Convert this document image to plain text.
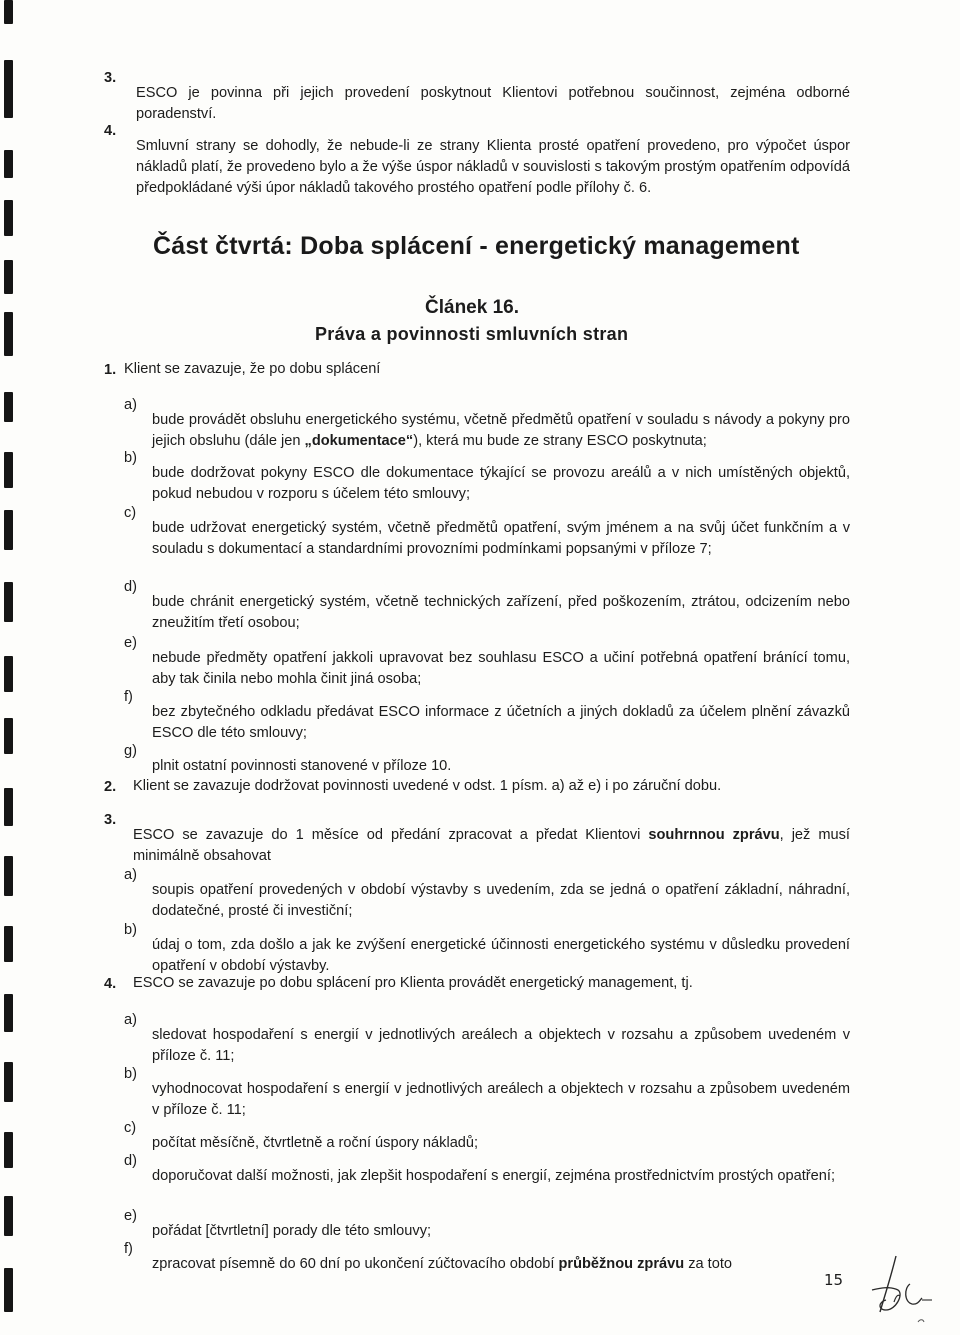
3.

ESCO je povinna při jejich provedení poskytnout Klientovi potřebnou součinnost, zejména odborné poradenství.

4.

Smluvní strany se dohodly, že nebude-li ze strany Klienta prosté opatření provedeno, pro výpočet úspor nákladů platí, že provedeno bylo a že výše úspor nákladů v souvislosti s takovým prostým opatřením odpovídá předpokládané výši úpor nákladů takového prostého opatření podle přílohy č. 6.

Část čtvrtá: Doba splácení - energetický management
Článek 16.
Práva a povinnosti smluvních stran
1. Klient se zavazuje, že po dobu splácení
a)

bude provádět obsluhu energetického systému, včetně předmětů opatření v souladu s návody a pokyny pro jejich obsluhu (dále jen „dokumentace“), která mu bude ze strany ESCO poskytnuta;

b)

bude dodržovat pokyny ESCO dle dokumentace týkající se provozu areálů a v nich umístěných objektů, pokud nebudou v rozporu s účelem této smlouvy;

c)

bude udržovat energetický systém, včetně předmětů opatření, svým jménem a na svůj účet funkčním a v souladu s dokumentací a standardními provozními podmínkami popsanými v příloze 7;

d)

bude chránit energetický systém, včetně technických zařízení, před poškozením, ztrátou, odcizením nebo zneužitím třetí osobou;

e)

nebude předměty opatření jakkoli upravovat bez souhlasu ESCO a učiní potřebná opatření bránící tomu, aby tak činila nebo mohla činit jiná osoba;

f)

bez zbytečného odkladu předávat ESCO informace z účetních a jiných dokladů za účelem plnění závazků ESCO dle této smlouvy;

g)

plnit ostatní povinnosti stanovené v příloze 10.

2. Klient se zavazuje dodržovat povinnosti uvedené v odst. 1 písm. a) až e) i po záruční dobu.
3.

ESCO se zavazuje do 1 měsíce od předání zpracovat a předat Klientovi souhrnnou zprávu, jež musí minimálně obsahovat

a)

soupis opatření provedených v období výstavby s uvedením, zda se jedná o opatření základní, náhradní, dodatečné, prosté či investiční;

b)

údaj o tom, zda došlo a jak ke zvýšení energetické účinnosti energetického systému v důsledku provedení opatření v období výstavby.

4. ESCO se zavazuje po dobu splácení pro Klienta provádět energetický management, tj.
a)

sledovat hospodaření s energií v jednotlivých areálech a objektech v rozsahu a způsobem uvedeném v příloze č. 11;

b)

vyhodnocovat hospodaření s energií v jednotlivých areálech a objektech v rozsahu a způsobem uvedeném v příloze č. 11;

c)

počítat měsíčně, čtvrtletně a roční úspory nákladů;

d)

doporučovat další možnosti, jak zlepšit hospodaření s energií, zejména prostřednictvím prostých opatření;

e)

pořádat [čtvrtletní] porady dle této smlouvy;

f)

zpracovat písemně do 60 dní po ukončení zúčtovacího období průběžnou zprávu za toto

15
